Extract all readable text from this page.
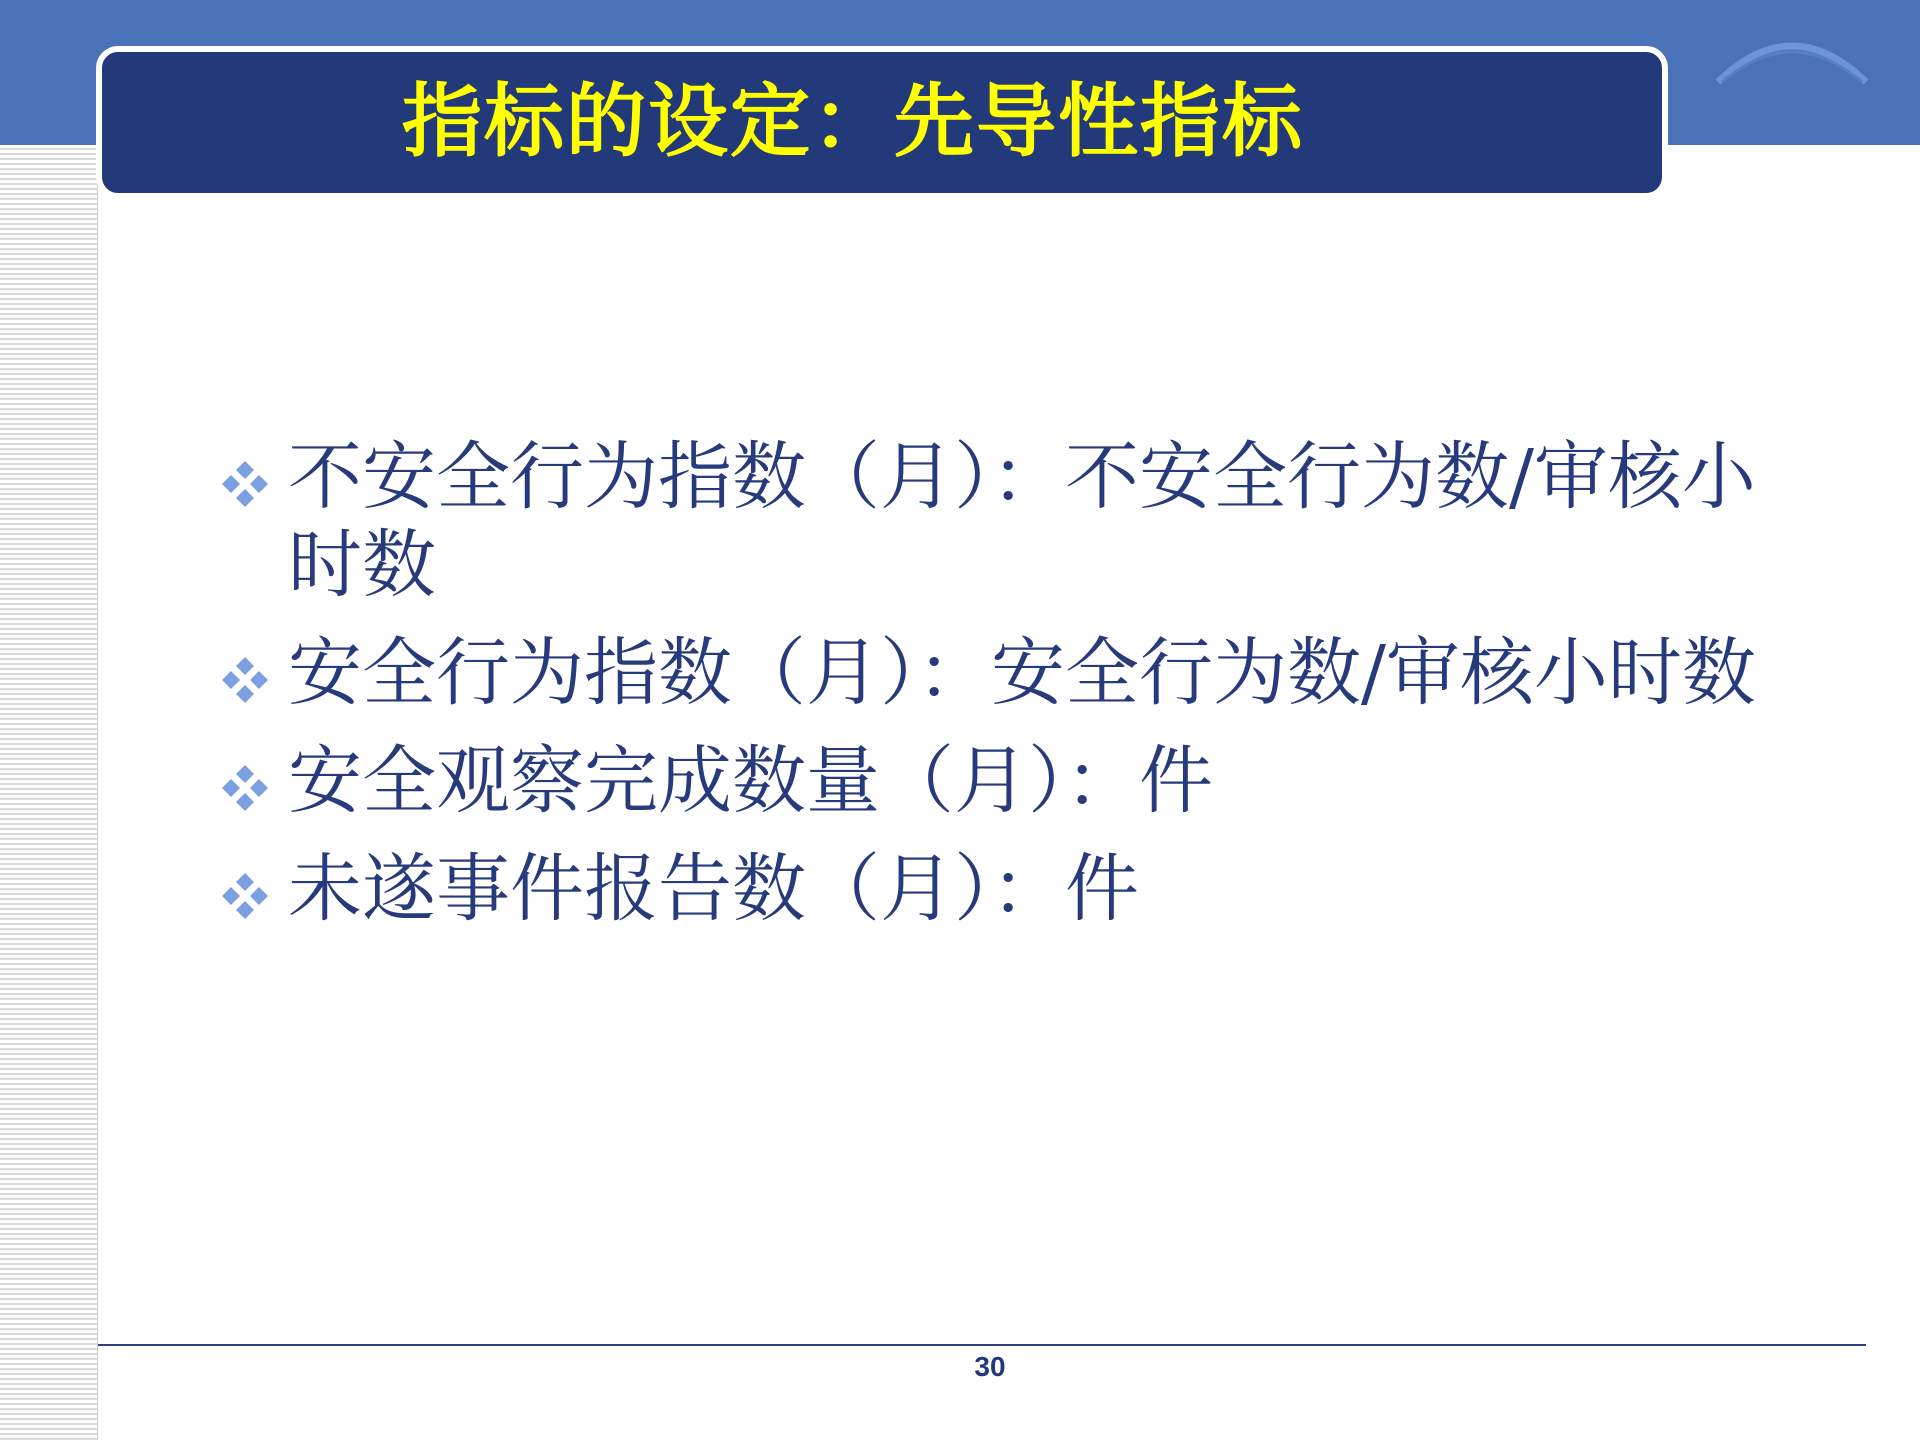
指标的设定：先导性指标
不安全行为指数（月）：不安全行为数/审核小时数
安全行为指数（月）：安全行为数/审核小时数
安全观察完成数量（月）：件
未遂事件报告数（月）：件
30
